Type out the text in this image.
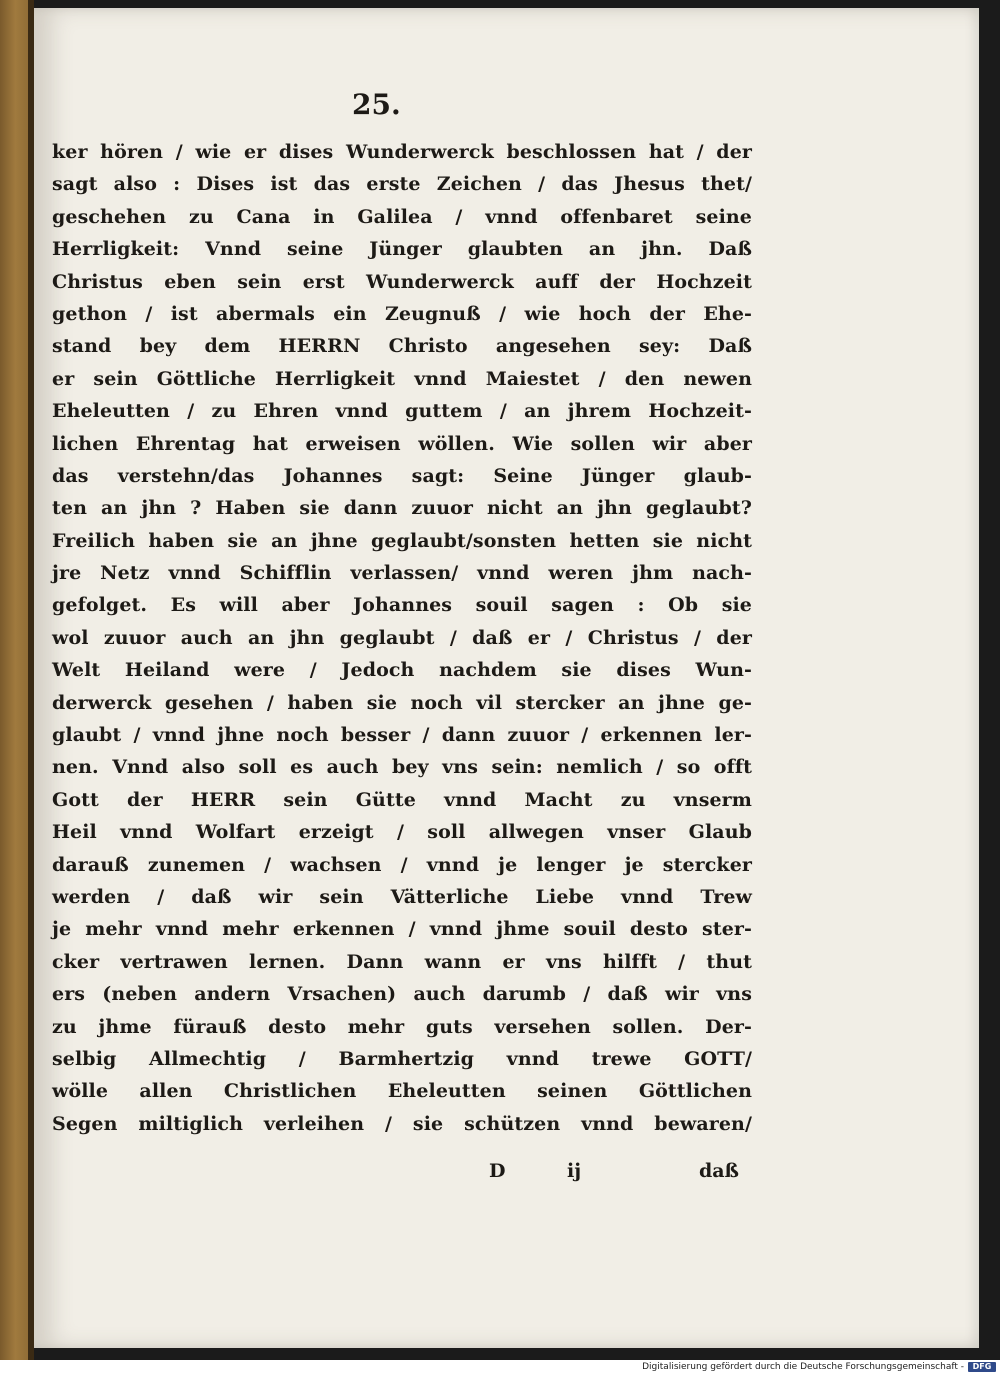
25.
ker hören / wie er dises Wunderwerck beschlossen hat / der
sagt also : Dises ist das erste Zeichen / das Jhesus thet/
geschehen zu Cana in Galilea / vnnd offenbaret seine
Herrligkeit: Vnnd seine Jünger glaubten an jhn. Daß
Christus eben sein erst Wunderwerck auff der Hochzeit
gethon / ist abermals ein Zeugnuß / wie hoch der Ehe-
stand bey dem HERRN Christo angesehen sey: Daß
er sein Göttliche Herrligkeit vnnd Maiestet / den newen
Eheleutten / zu Ehren vnnd guttem / an jhrem Hochzeit-
lichen Ehrentag hat erweisen wöllen. Wie sollen wir aber
das verstehn/das Johannes sagt: Seine Jünger glaub-
ten an jhn ? Haben sie dann zuuor nicht an jhn geglaubt?
Freilich haben sie an jhne geglaubt/sonsten hetten sie nicht
jre Netz vnnd Schifflin verlassen/ vnnd weren jhm nach-
gefolget. Es will aber Johannes souil sagen : Ob sie
wol zuuor auch an jhn geglaubt / daß er / Christus / der
Welt Heiland were / Jedoch nachdem sie dises Wun-
derwerck gesehen / haben sie noch vil stercker an jhne ge-
glaubt / vnnd jhne noch besser / dann zuuor / erkennen ler-
nen. Vnnd also soll es auch bey vns sein: nemlich / so offt
Gott der HERR sein Gütte vnnd Macht zu vnserm
Heil vnnd Wolfart erzeigt / soll allwegen vnser Glaub
darauß zunemen / wachsen / vnnd je lenger je stercker
werden / daß wir sein Vätterliche Liebe vnnd Trew
je mehr vnnd mehr erkennen / vnnd jhme souil desto ster-
cker vertrawen lernen. Dann wann er vns hilfft / thut
ers (neben andern Vrsachen) auch darumb / daß wir vns
zu jhme fürauß desto mehr guts versehen sollen. Der-
selbig Allmechtig / Barmhertzig vnnd trewe GOTT/
wölle allen Christlichen Eheleutten seinen Göttlichen
Segen miltiglich verleihen / sie schützen vnnd bewaren/
D	ij	daß
Digitalisierung gefördert durch die Deutsche Forschungsgemeinschaft -	DFG
